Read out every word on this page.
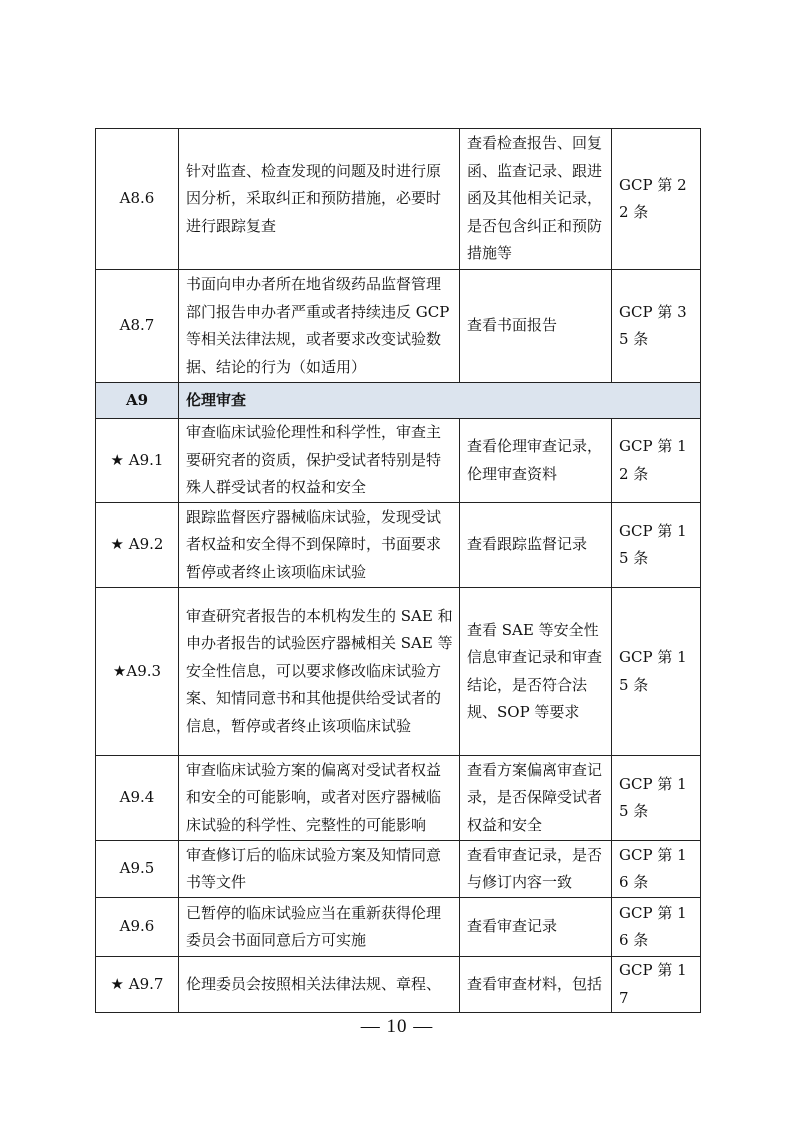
A8.6	针对监查、检查发现的问题及时进行原因分析，采取纠正和预防措施，必要时进行跟踪复查	查看检查报告、回复函、监查记录、跟进函及其他相关记录，是否包含纠正和预防措施等	GCP 第 22 条
A8.7	书面向申办者所在地省级药品监督管理部门报告申办者严重或者持续违反 GCP 等相关法律法规，或者要求改变试验数据、结论的行为（如适用）	查看书面报告	GCP 第 35 条
A9	伦理审查		
★ A9.1	审查临床试验伦理性和科学性，审查主要研究者的资质，保护受试者特别是特殊人群受试者的权益和安全	查看伦理审查记录，伦理审查资料	GCP 第 12 条
★ A9.2	跟踪监督医疗器械临床试验，发现受试者权益和安全得不到保障时，书面要求暂停或者终止该项临床试验	查看跟踪监督记录	GCP 第 15 条
★A9.3	审查研究者报告的本机构发生的 SAE 和申办者报告的试验医疗器械相关 SAE 等安全性信息，可以要求修改临床试验方案、知情同意书和其他提供给受试者的信息，暂停或者终止该项临床试验	查看 SAE 等安全性信息审查记录和审查结论，是否符合法规、SOP 等要求	GCP 第 15 条
A9.4	审查临床试验方案的偏离对受试者权益和安全的可能影响，或者对医疗器械临床试验的科学性、完整性的可能影响	查看方案偏离审查记录，是否保障受试者权益和安全	GCP 第 15 条
A9.5	审查修订后的临床试验方案及知情同意书等文件	查看审查记录，是否与修订内容一致	GCP 第 16 条
A9.6	已暂停的临床试验应当在重新获得伦理委员会书面同意后方可实施	查看审查记录	GCP 第 16 条
★ A9.7	伦理委员会按照相关法律法规、章程、	查看审查材料，包括	GCP 第 17
— 10 —
